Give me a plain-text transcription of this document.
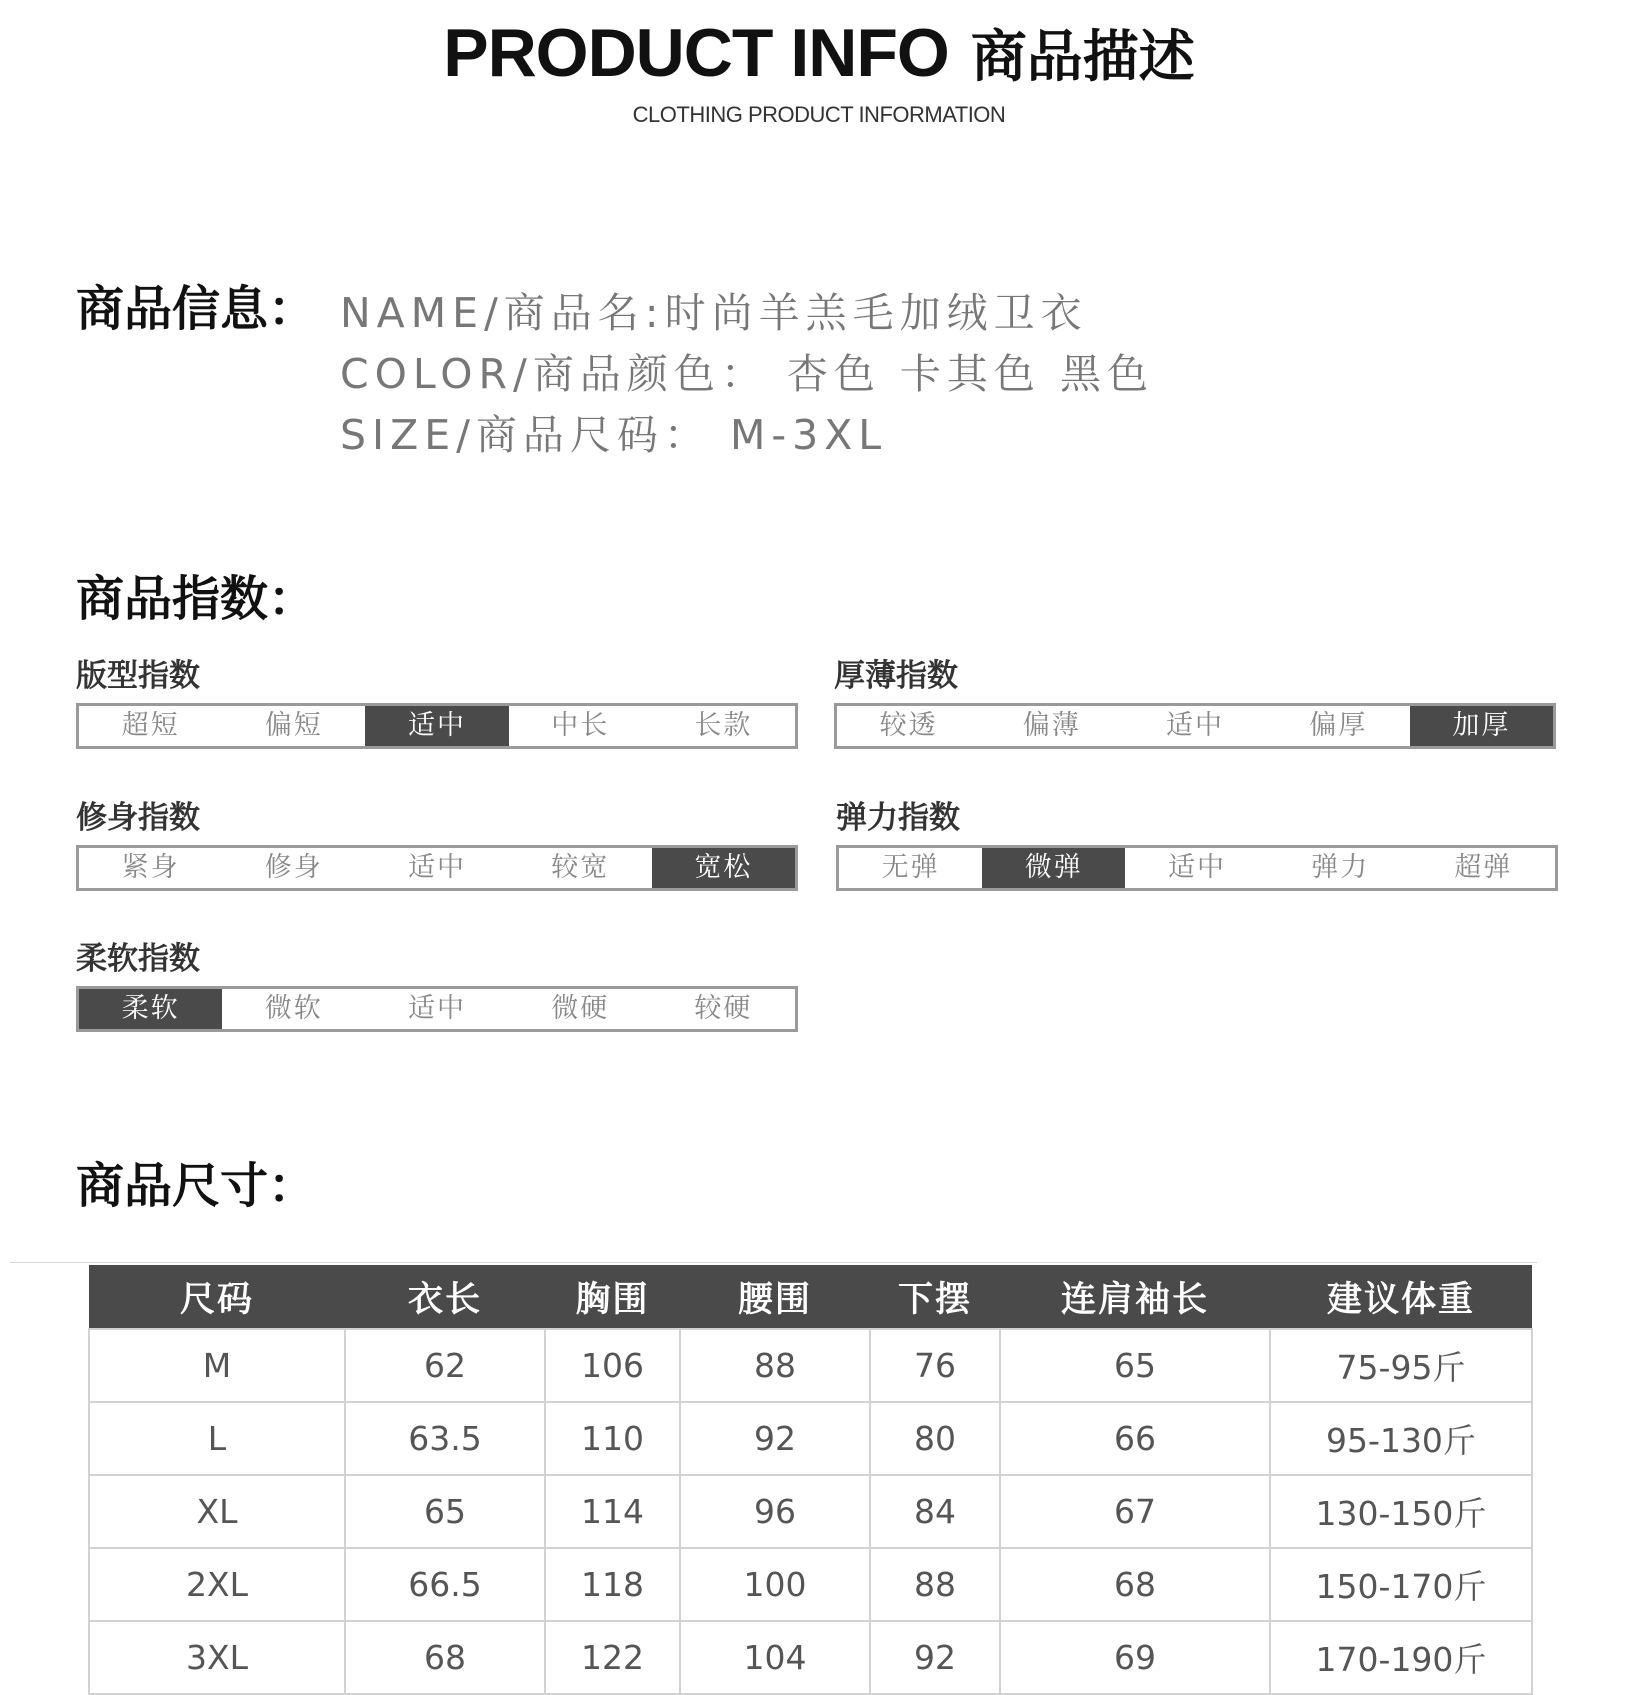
PRODUCT INFO 商品描述
CLOTHING PRODUCT INFORMATION
商品信息： NAME/商品名:时尚羊羔毛加绒卫衣
COLOR/商品颜色： 杏色 卡其色 黑色
SIZE/商品尺码： M-3XL
商品指数：
版型指数
超短	偏短	适中	中长	长款
厚薄指数
较透	偏薄	适中	偏厚	加厚
修身指数
紧身	修身	适中	较宽	宽松
弹力指数
无弹	微弹	适中	弹力	超弹
柔软指数
柔软	微软	适中	微硬	较硬
商品尺寸：
尺码	衣长	胸围	腰围	下摆	连肩袖长	建议体重
M	62	106	88	76	65	75-95斤
L	63.5	110	92	80	66	95-130斤
XL	65	114	96	84	67	130-150斤
2XL	66.5	118	100	88	68	150-170斤
3XL	68	122	104	92	69	170-190斤
